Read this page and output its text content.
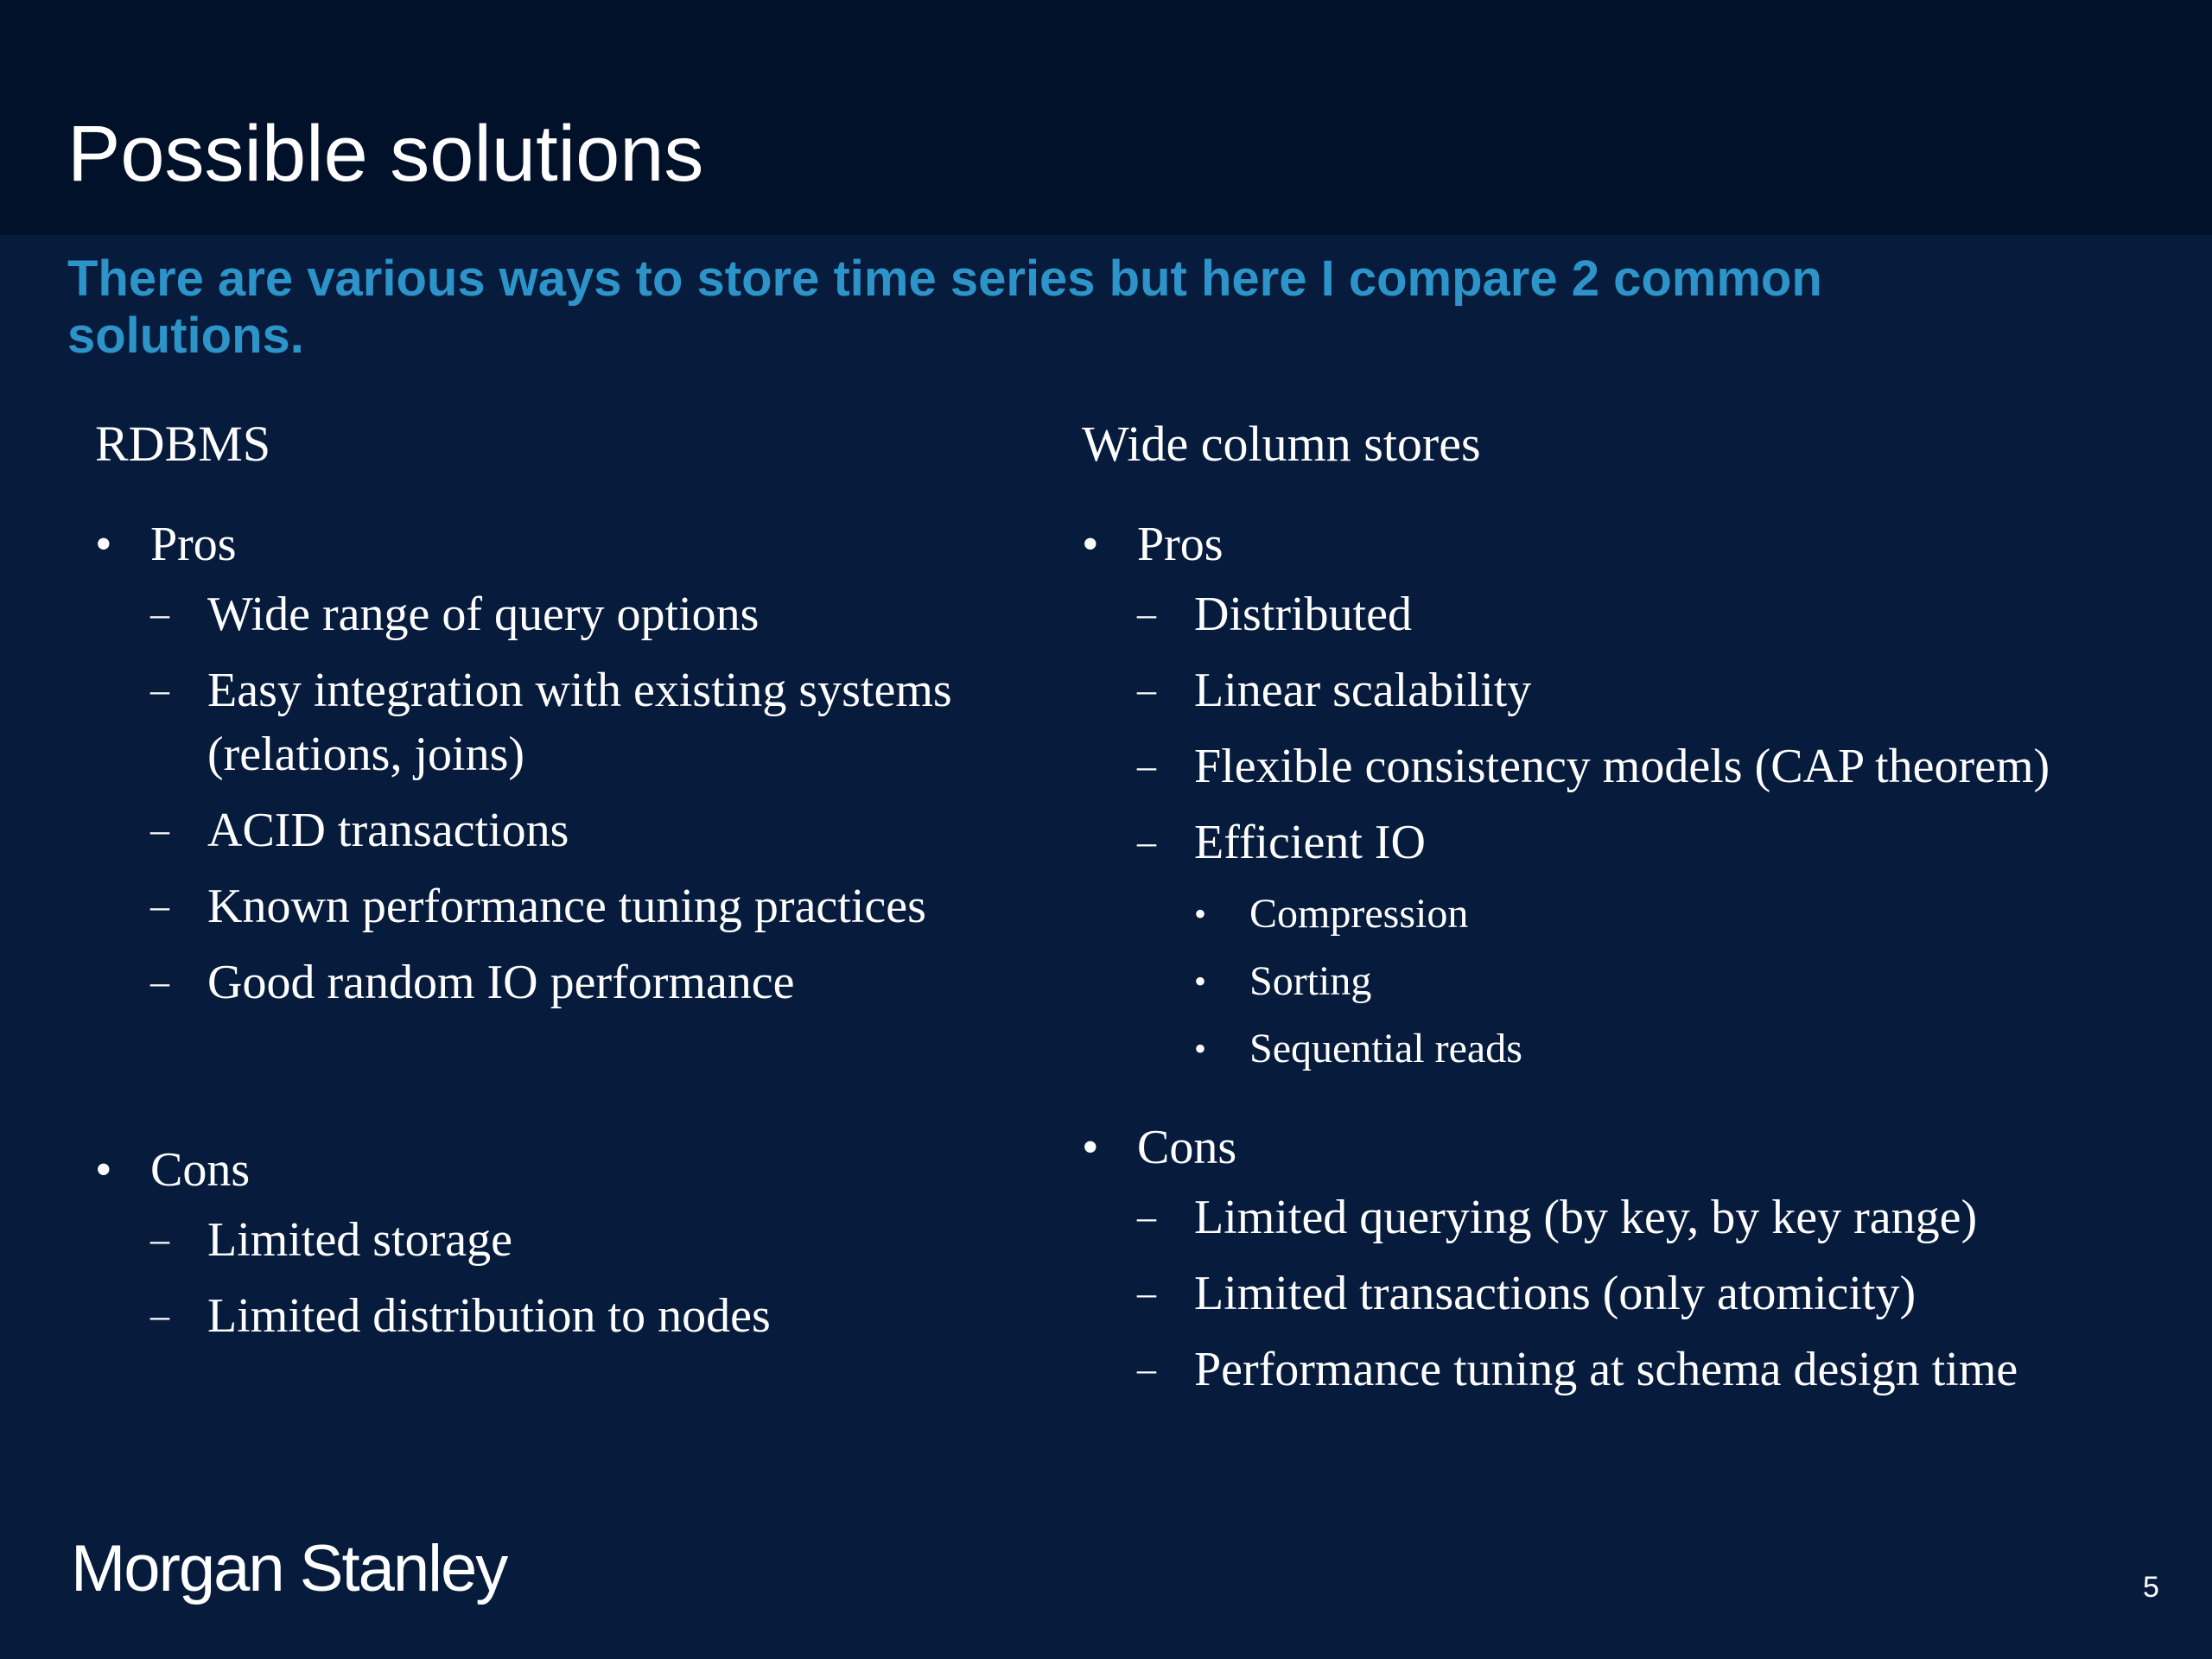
Possible solutions

There are various ways to store time series but here I compare 2 common solutions.

RDBMS
• Pros
– Wide range of query options
– Easy integration with existing systems (relations, joins)
– ACID transactions
– Known performance tuning practices
– Good random IO performance
• Cons
– Limited storage
– Limited distribution to nodes
Wide column stores
• Pros
– Distributed
– Linear scalability
– Flexible consistency models (CAP theorem)
– Efficient IO
• Compression
• Sorting
• Sequential reads
• Cons
– Limited querying (by key, by key range)
– Limited transactions (only atomicity)
– Performance tuning at schema design time
Morgan Stanley	5
